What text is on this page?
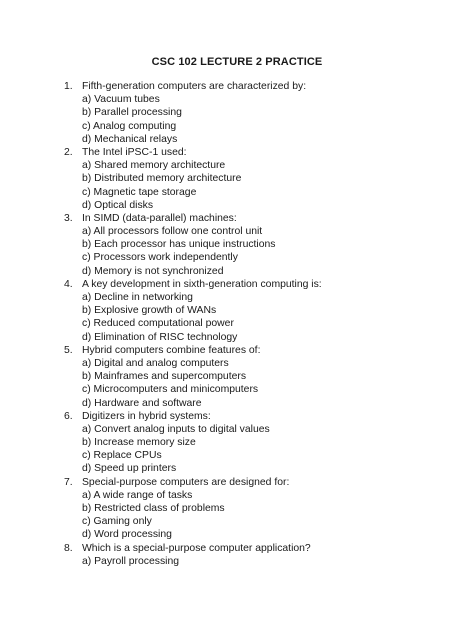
CSC 102 LECTURE 2 PRACTICE
1. Fifth-generation computers are characterized by:
a) Vacuum tubes
b) Parallel processing
c) Analog computing
d) Mechanical relays
2. The Intel iPSC-1 used:
a) Shared memory architecture
b) Distributed memory architecture
c) Magnetic tape storage
d) Optical disks
3. In SIMD (data-parallel) machines:
a) All processors follow one control unit
b) Each processor has unique instructions
c) Processors work independently
d) Memory is not synchronized
4. A key development in sixth-generation computing is:
a) Decline in networking
b) Explosive growth of WANs
c) Reduced computational power
d) Elimination of RISC technology
5. Hybrid computers combine features of:
a) Digital and analog computers
b) Mainframes and supercomputers
c) Microcomputers and minicomputers
d) Hardware and software
6. Digitizers in hybrid systems:
a) Convert analog inputs to digital values
b) Increase memory size
c) Replace CPUs
d) Speed up printers
7. Special-purpose computers are designed for:
a) A wide range of tasks
b) Restricted class of problems
c) Gaming only
d) Word processing
8. Which is a special-purpose computer application?
a) Payroll processing
